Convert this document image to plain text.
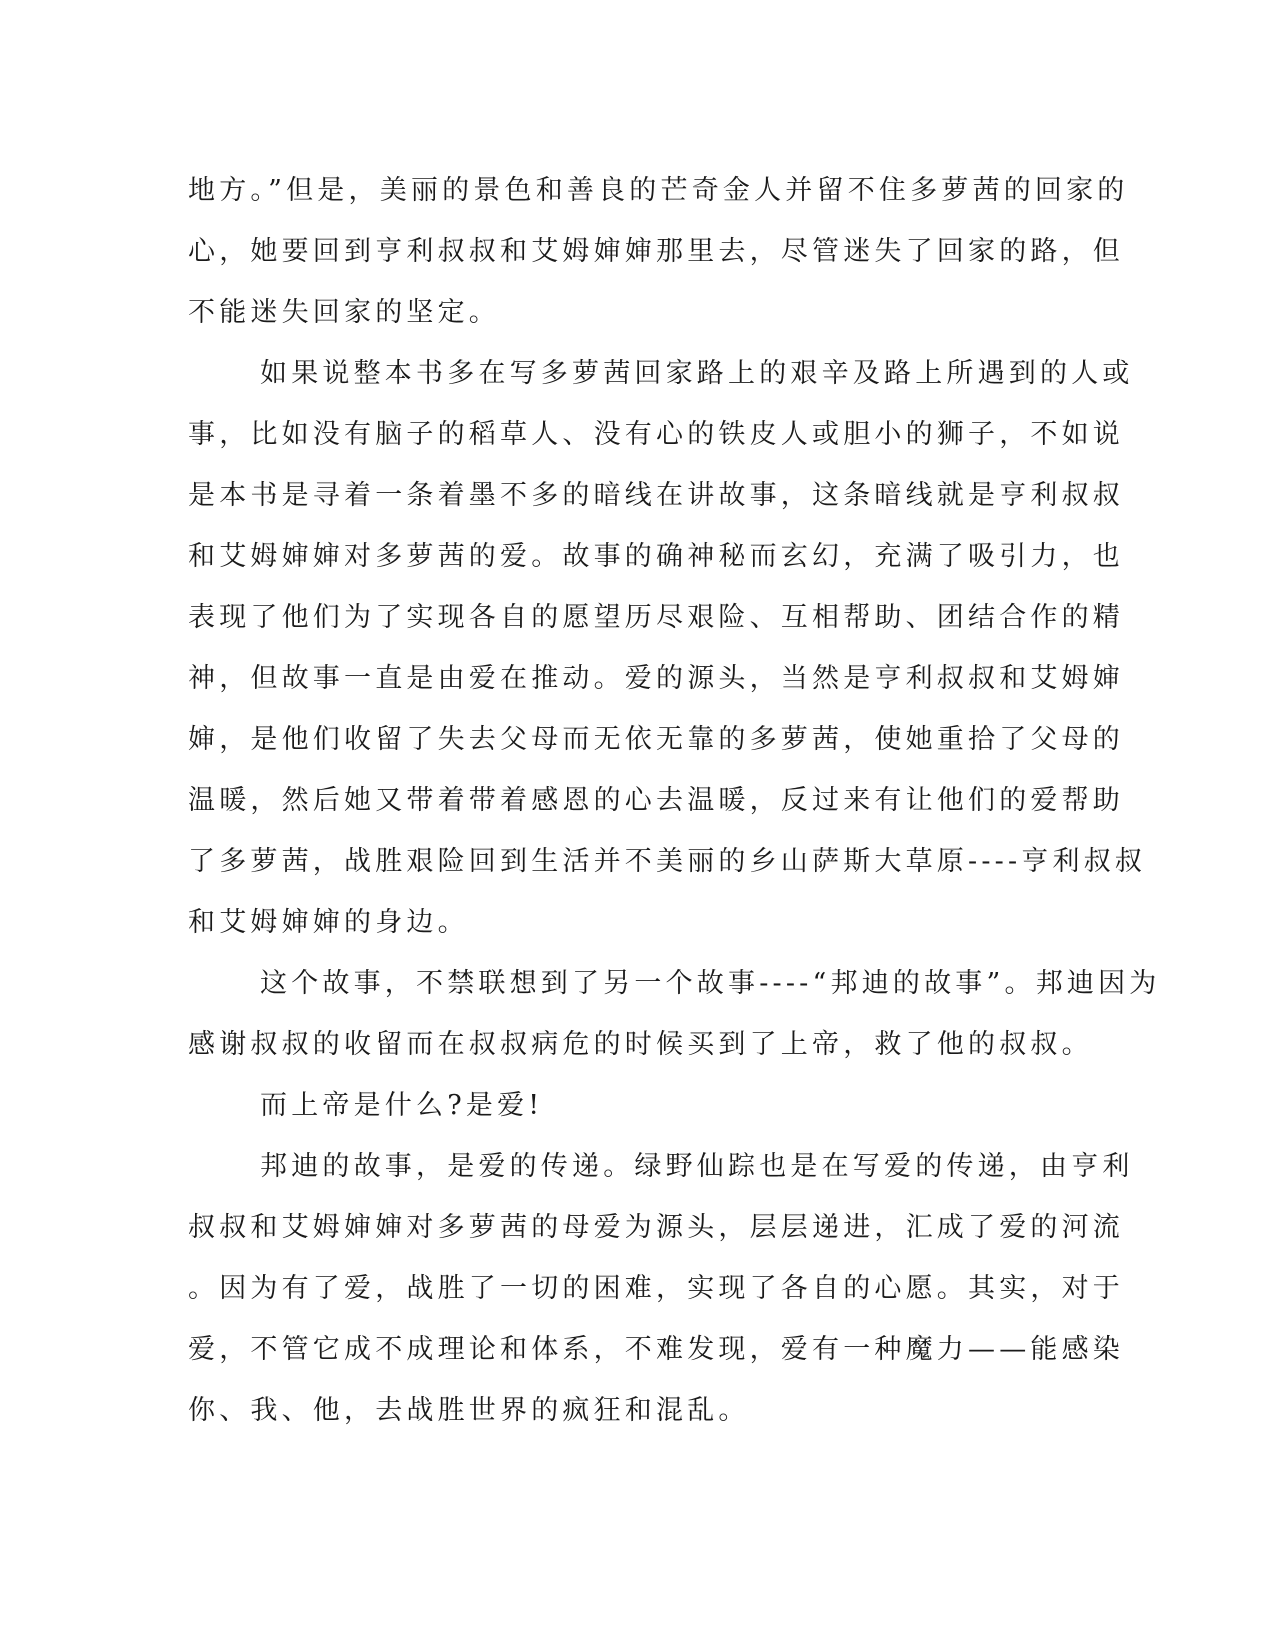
地方。”但是，美丽的景色和善良的芒奇金人并留不住多萝茜的回家的
心，她要回到亨利叔叔和艾姆婶婶那里去，尽管迷失了回家的路，但
不能迷失回家的坚定。

如果说整本书多在写多萝茜回家路上的艰辛及路上所遇到的人或
事，比如没有脑子的稻草人、没有心的铁皮人或胆小的狮子，不如说
是本书是寻着一条着墨不多的暗线在讲故事，这条暗线就是亨利叔叔
和艾姆婶婶对多萝茜的爱。故事的确神秘而玄幻，充满了吸引力，也
表现了他们为了实现各自的愿望历尽艰险、互相帮助、团结合作的精
神，但故事一直是由爱在推动。爱的源头，当然是亨利叔叔和艾姆婶
婶，是他们收留了失去父母而无依无靠的多萝茜，使她重拾了父母的
温暖，然后她又带着带着感恩的心去温暖，反过来有让他们的爱帮助
了多萝茜，战胜艰险回到生活并不美丽的乡山萨斯大草原----亨利叔叔
和艾姆婶婶的身边。

这个故事，不禁联想到了另一个故事----“邦迪的故事”。邦迪因为
感谢叔叔的收留而在叔叔病危的时候买到了上帝，救了他的叔叔。

而上帝是什么?是爱!

邦迪的故事，是爱的传递。绿野仙踪也是在写爱的传递，由亨利
叔叔和艾姆婶婶对多萝茜的母爱为源头，层层递进，汇成了爱的河流
。因为有了爱，战胜了一切的困难，实现了各自的心愿。其实，对于
爱，不管它成不成理论和体系，不难发现，爱有一种魔力——能感染
你、我、他，去战胜世界的疯狂和混乱。
